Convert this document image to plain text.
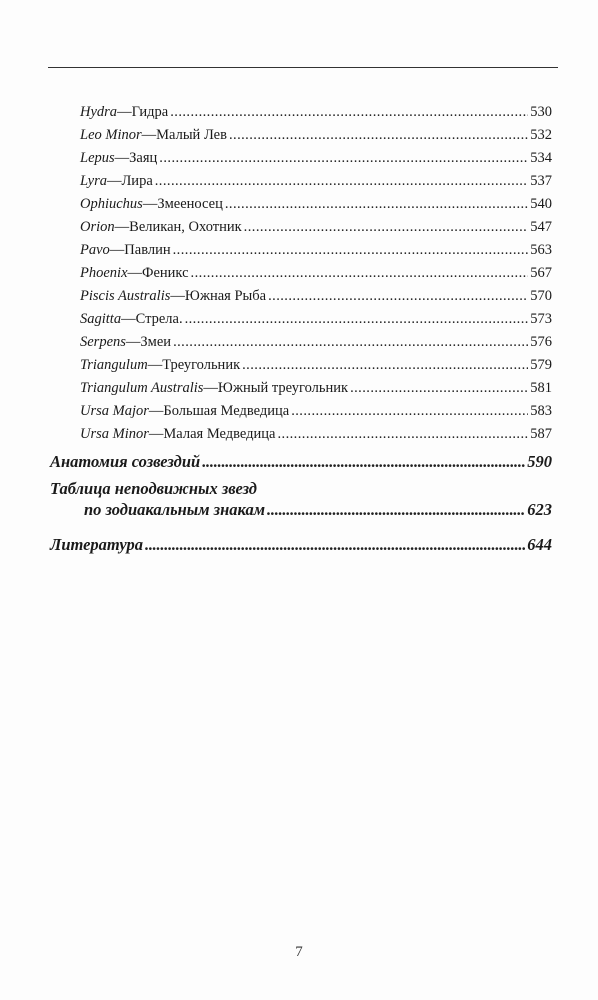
Hydra — Гидра . . .	530
Leo Minor — Малый Лев . . .	532
Lepus — Заяц . . .	534
Lyra — Лира . . .	537
Ophiuchus — Змееносец . . .	540
Orion — Великан, Охотник . . .	547
Pavo — Павлин . . .	563
Phoenix — Феникс . . .	567
Piscis Australis — Южная Рыба . . .	570
Sagitta — Стрела. . . .	573
Serpens — Змеи . . .	576
Triangulum — Треугольник . . .	579
Triangulum Australis — Южный треугольник . . .	581
Ursa Major — Большая Медведица . . .	583
Ursa Minor — Малая Медведица . . .	587
Анатомия созвездий . . .	590
Таблица неподвижных звезд
по зодиакальным знакам . . .	623
Литература . . .	644
7
